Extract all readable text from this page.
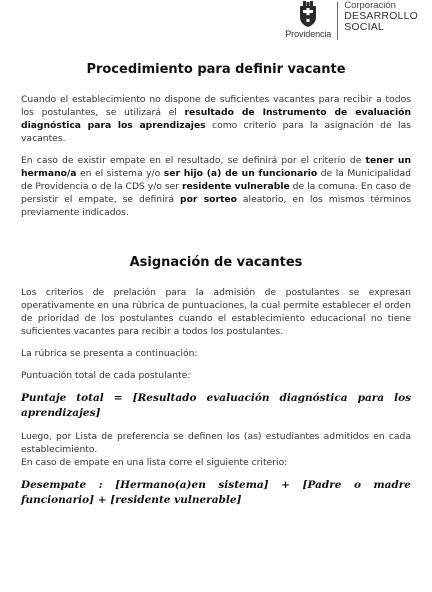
Providencia
Corporación
DESARROLLO
SOCIAL
Procedimiento para definir vacante

Cuando el establecimiento no dispone de suficientes vacantes para recibir a todos los postulantes, se utilizará el resultado de Instrumento de evaluación diagnóstica para los aprendizajes como criterio para la asignación de las vacantes.

En caso de existir empate en el resultado, se definirá por el criterio de tener un hermano/a en el sistema y/o ser hijo (a) de un funcionario de la Municipalidad de Providencia o de la CDS y/o ser residente vulnerable de la comuna. En caso de persistir el empate, se definirá por sorteo aleatorio, en los mismos términos previamente indicados.

Asignación de vacantes

Los criterios de prelación para la admisión de postulantes se expresan operativamente en una rúbrica de puntuaciones, la cual permite establecer el orden de prioridad de los postulantes cuando el establecimiento educacional no tiene suficientes vacantes para recibir a todos los postulantes.

La rúbrica se presenta a continuación:

Puntuación total de cada postulante:

Puntaje total = [Resultado evaluación diagnóstica para los aprendizajes]

Luego, por Lista de preferencia se definen los (as) estudiantes admitidos en cada establecimiento.
En caso de empate en una lista corre el siguiente criterio:

Desempate : [Hermano(a)en sistema] + [Padre o madre funcionario] + [residente vulnerable]
